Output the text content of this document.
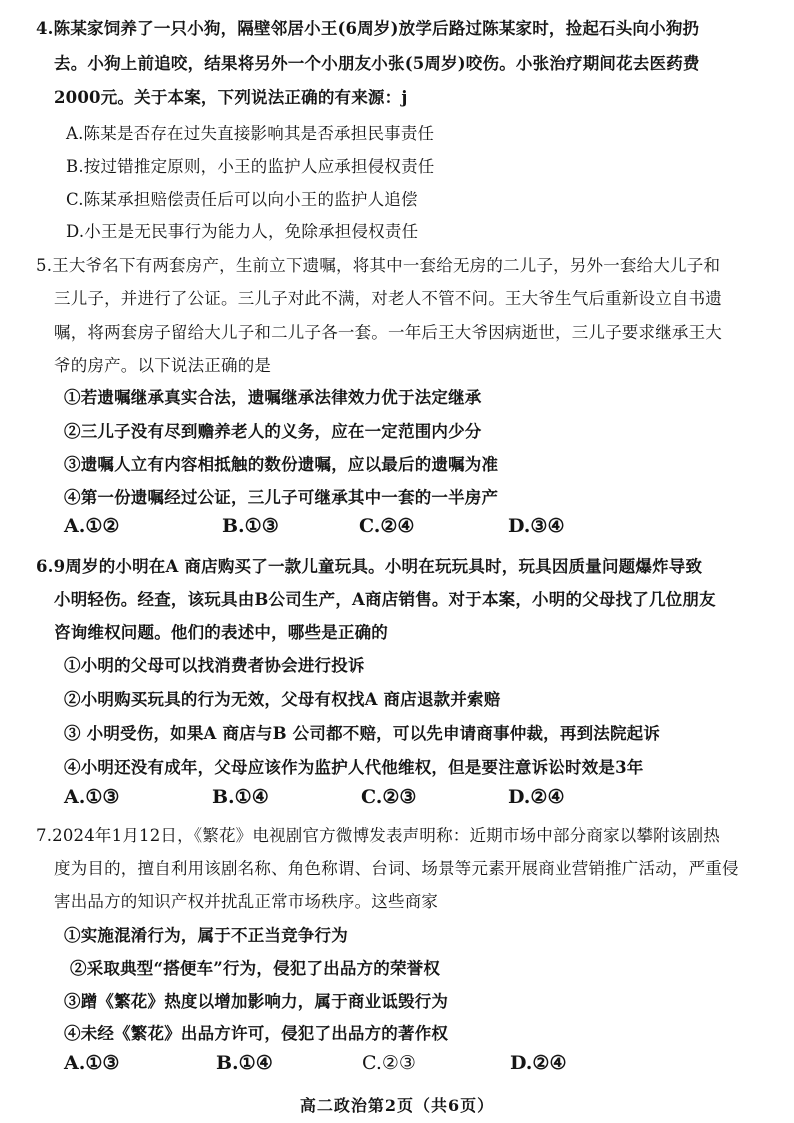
4.陈某家饲养了一只小狗，隔壁邻居小王(6周岁)放学后路过陈某家时，捡起石头向小狗扔
去。小狗上前追咬，结果将另外一个小朋友小张(5周岁)咬伤。小张治疗期间花去医药费
2000元。关于本案，下列说法正确的有来源：j
A.陈某是否存在过失直接影响其是否承担民事责任
B.按过错推定原则，小王的监护人应承担侵权责任
C.陈某承担赔偿责任后可以向小王的监护人追偿
D.小王是无民事行为能力人，免除承担侵权责任
5.王大爷名下有两套房产，生前立下遗嘱，将其中一套给无房的二儿子，另外一套给大儿子和
三儿子，并进行了公证。三儿子对此不满，对老人不管不问。王大爷生气后重新设立自书遗
嘱，将两套房子留给大儿子和二儿子各一套。一年后王大爷因病逝世，三儿子要求继承王大
爷的房产。以下说法正确的是
①若遗嘱继承真实合法，遗嘱继承法律效力优于法定继承
②三儿子没有尽到赡养老人的义务，应在一定范围内少分
③遗嘱人立有内容相抵触的数份遗嘱，应以最后的遗嘱为准
④第一份遗嘱经过公证，三儿子可继承其中一套的一半房产
A.①②	B.①③	C.②④	D.③④
6.9周岁的小明在A 商店购买了一款儿童玩具。小明在玩玩具时，玩具因质量问题爆炸导致
小明轻伤。经查，该玩具由B公司生产，A商店销售。对于本案，小明的父母找了几位朋友
咨询维权问题。他们的表述中，哪些是正确的
①小明的父母可以找消费者协会进行投诉
②小明购买玩具的行为无效，父母有权找A 商店退款并索赔
③ 小明受伤，如果A 商店与B 公司都不赔，可以先申请商事仲裁，再到法院起诉
④小明还没有成年，父母应该作为监护人代他维权，但是要注意诉讼时效是3年
A.①③	B.①④	C.②③	D.②④
7.2024年1月12日，《繁花》电视剧官方微博发表声明称：近期市场中部分商家以攀附该剧热
度为目的，擅自利用该剧名称、角色称谓、台词、场景等元素开展商业营销推广活动，严重侵
害出品方的知识产权并扰乱正常市场秩序。这些商家
①实施混淆行为，属于不正当竞争行为
②采取典型“搭便车”行为，侵犯了出品方的荣誉权
③蹭《繁花》热度以增加影响力，属于商业诋毁行为
④未经《繁花》出品方许可，侵犯了出品方的著作权
A.①③	B.①④	C.②③	D.②④
高二政治第2页（共6页）
